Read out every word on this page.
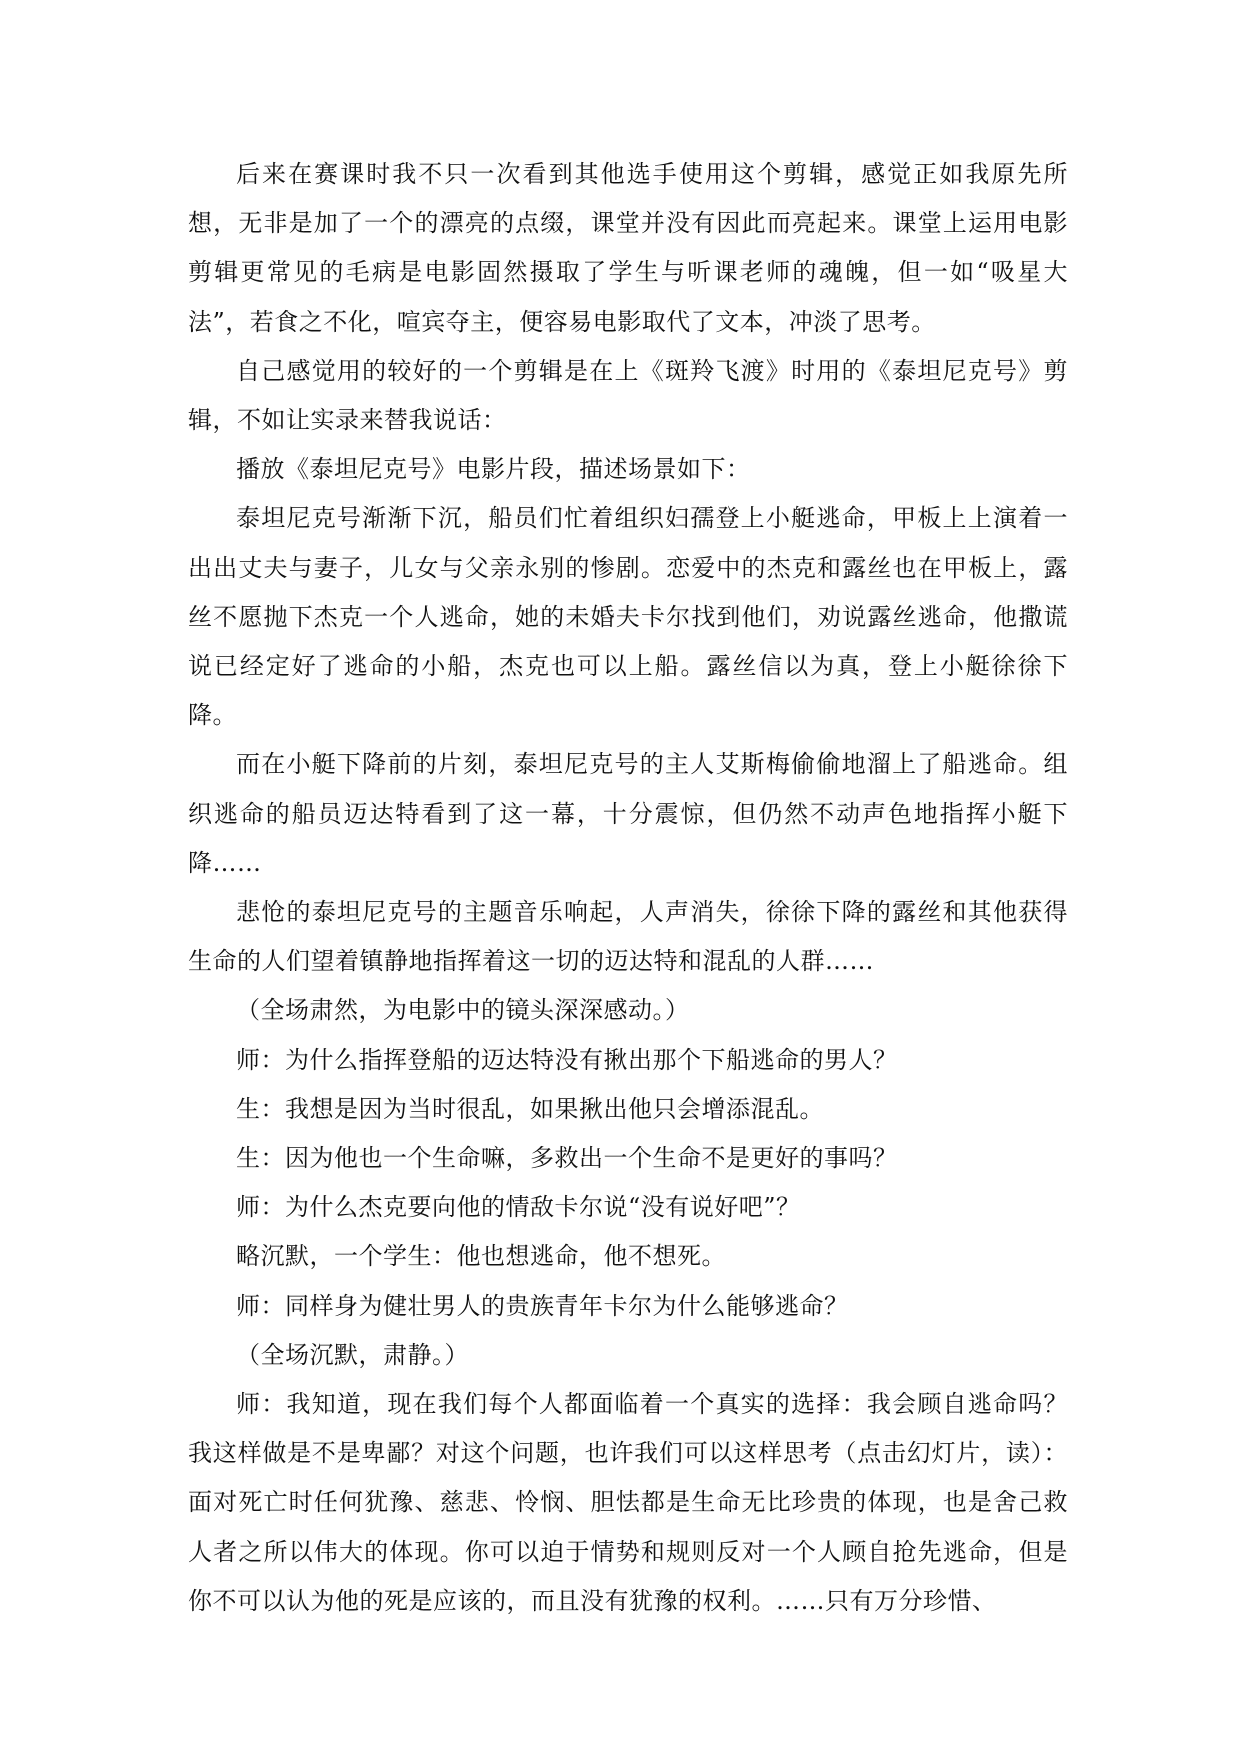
后来在赛课时我不只一次看到其他选手使用这个剪辑，感觉正如我原先所想，无非是加了一个的漂亮的点缀，课堂并没有因此而亮起来。课堂上运用电影剪辑更常见的毛病是电影固然摄取了学生与听课老师的魂魄，但一如“吸星大法”，若食之不化，喧宾夺主，便容易电影取代了文本，冲淡了思考。

自己感觉用的较好的一个剪辑是在上《斑羚飞渡》时用的《泰坦尼克号》剪辑，不如让实录来替我说话：

播放《泰坦尼克号》电影片段，描述场景如下：

泰坦尼克号渐渐下沉，船员们忙着组织妇孺登上小艇逃命，甲板上上演着一出出丈夫与妻子，儿女与父亲永别的惨剧。恋爱中的杰克和露丝也在甲板上，露丝不愿抛下杰克一个人逃命，她的未婚夫卡尔找到他们，劝说露丝逃命，他撒谎说已经定好了逃命的小船，杰克也可以上船。露丝信以为真，登上小艇徐徐下降。

而在小艇下降前的片刻，泰坦尼克号的主人艾斯梅偷偷地溜上了船逃命。组织逃命的船员迈达特看到了这一幕，十分震惊，但仍然不动声色地指挥小艇下降……

悲怆的泰坦尼克号的主题音乐响起，人声消失，徐徐下降的露丝和其他获得生命的人们望着镇静地指挥着这一切的迈达特和混乱的人群……

（全场肃然，为电影中的镜头深深感动。）

师：为什么指挥登船的迈达特没有揪出那个下船逃命的男人？

生：我想是因为当时很乱，如果揪出他只会增添混乱。

生：因为他也一个生命嘛，多救出一个生命不是更好的事吗？

师：为什么杰克要向他的情敌卡尔说“没有说好吧”？

略沉默，一个学生：他也想逃命，他不想死。

师：同样身为健壮男人的贵族青年卡尔为什么能够逃命？

（全场沉默，肃静。）

师：我知道，现在我们每个人都面临着一个真实的选择：我会顾自逃命吗？我这样做是不是卑鄙？对这个问题，也许我们可以这样思考（点击幻灯片，读）：面对死亡时任何犹豫、慈悲、怜悯、胆怯都是生命无比珍贵的体现，也是舍己救人者之所以伟大的体现。你可以迫于情势和规则反对一个人顾自抢先逃命，但是你不可以认为他的死是应该的，而且没有犹豫的权利。……只有万分珍惜、
